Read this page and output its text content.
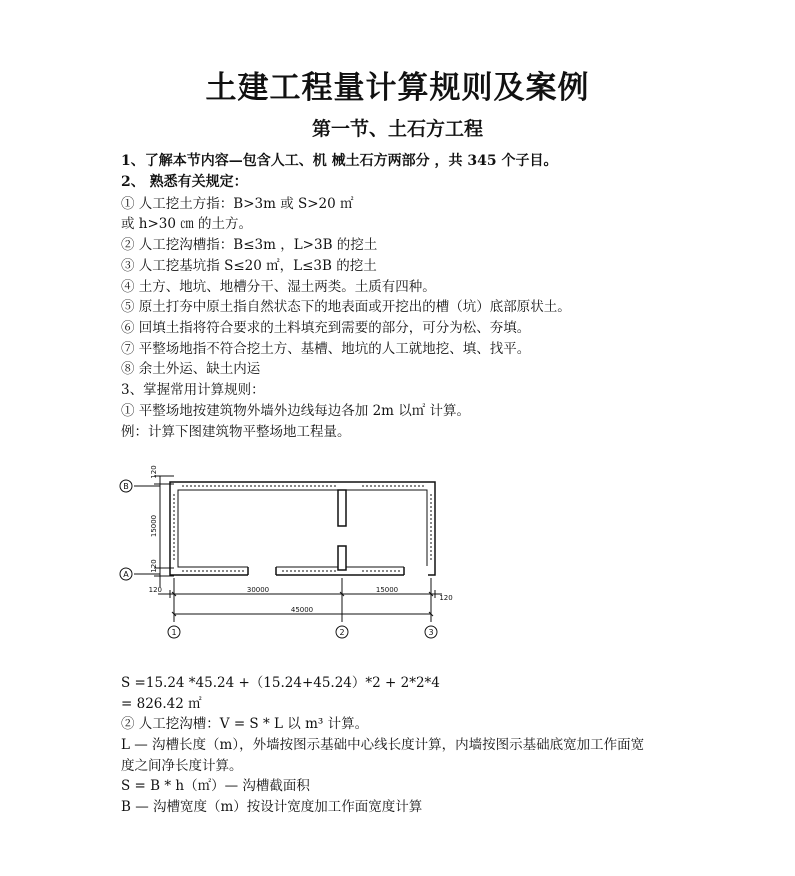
土建工程量计算规则及案例
第一节、土石方工程

1、了解本节内容—包含人工、机 械土石方两部分 ，共 345 个子目。

2、 熟悉有关规定：

① 人工挖土方指：B>3m 或 S>20 ㎡

或 h>30 ㎝ 的土方。

② 人工挖沟槽指：B≤3m ，L>3B 的挖土

③ 人工挖基坑指 S≤20 ㎡，L≤3B 的挖土

④ 土方、地坑、地槽分干、湿土两类。土质有四种。

⑤ 原土打夯中原土指自然状态下的地表面或开挖出的槽（坑）底部原状土。

⑥ 回填土指将符合要求的土料填充到需要的部分，可分为松、夯填。

⑦ 平整场地指不符合挖土方、基槽、地坑的人工就地挖、填、找平。

⑧ 余土外运、缺土内运

3、掌握常用计算规则：

① 平整场地按建筑物外墙外边线每边各加 2m 以㎡ 计算。

例：计算下图建筑物平整场地工程量。

B
A
1	2	3
120
15000
120
120	30000	15000
120
45000

S =15.24 *45.24 +（15.24+45.24）*2 + 2*2*4

= 826.42 ㎡

② 人工挖沟槽：V = S * L 以 m³ 计算。

L — 沟槽长度（m），外墙按图示基础中心线长度计算，内墙按图示基础底宽加工作面宽

度之间净长度计算。

S = B * h（㎡）— 沟槽截面积

B — 沟槽宽度（m）按设计宽度加工作面宽度计算
